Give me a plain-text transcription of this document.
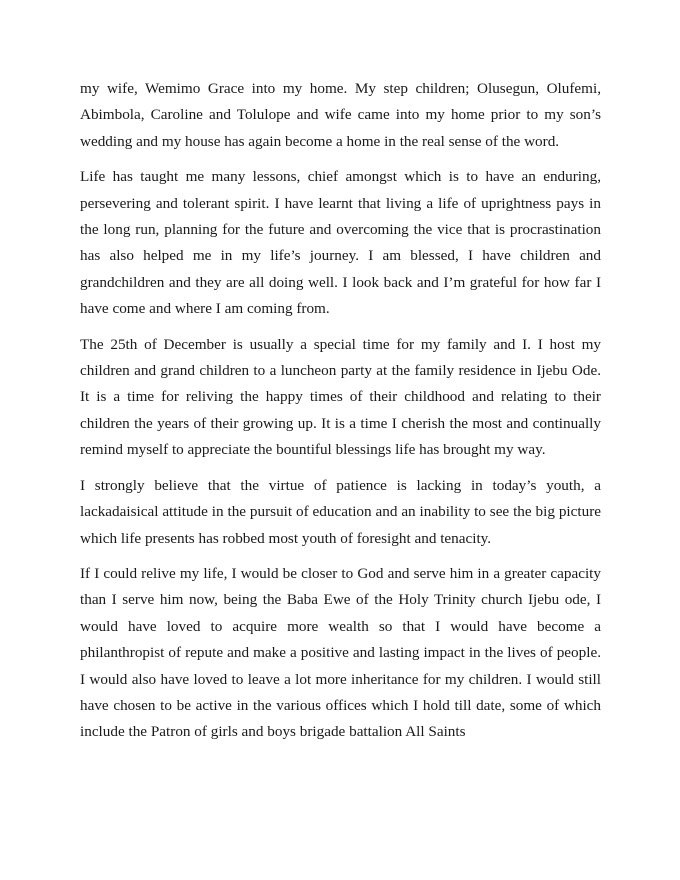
my wife, Wemimo Grace into my home. My step children; Olusegun, Olufemi, Abimbola, Caroline and Tolulope and wife came into my home prior to my son’s wedding and my house has again become a home in the real sense of the word.

Life has taught me many lessons, chief amongst which is to have an enduring, persevering and tolerant spirit. I have learnt that living a life of uprightness pays in the long run, planning for the future and overcoming the vice that is procrastination has also helped me in my life’s journey. I am blessed, I have children and grandchildren and they are all doing well. I look back and I’m grateful for how far I have come and where I am coming from.

The 25th of December is usually a special time for my family and I. I host my children and grand children to a luncheon party at the family residence in Ijebu Ode. It is a time for reliving the happy times of their childhood and relating to their children the years of their growing up. It is a time I cherish the most and continually remind myself to appreciate the bountiful blessings life has brought my way.

I strongly believe that the virtue of patience is lacking in today’s youth, a lackadaisical attitude in the pursuit of education and an inability to see the big picture which life presents has robbed most youth of foresight and tenacity.

If I could relive my life, I would be closer to God and serve him in a greater capacity than I serve him now, being the Baba Ewe of the Holy Trinity church Ijebu ode, I would have loved to acquire more wealth so that I would have become a philanthropist of repute and make a positive and lasting impact in the lives of people. I would also have loved to leave a lot more inheritance for my children. I would still have chosen to be active in the various offices which I hold till date, some of which include the Patron of girls and boys brigade battalion All Saints
